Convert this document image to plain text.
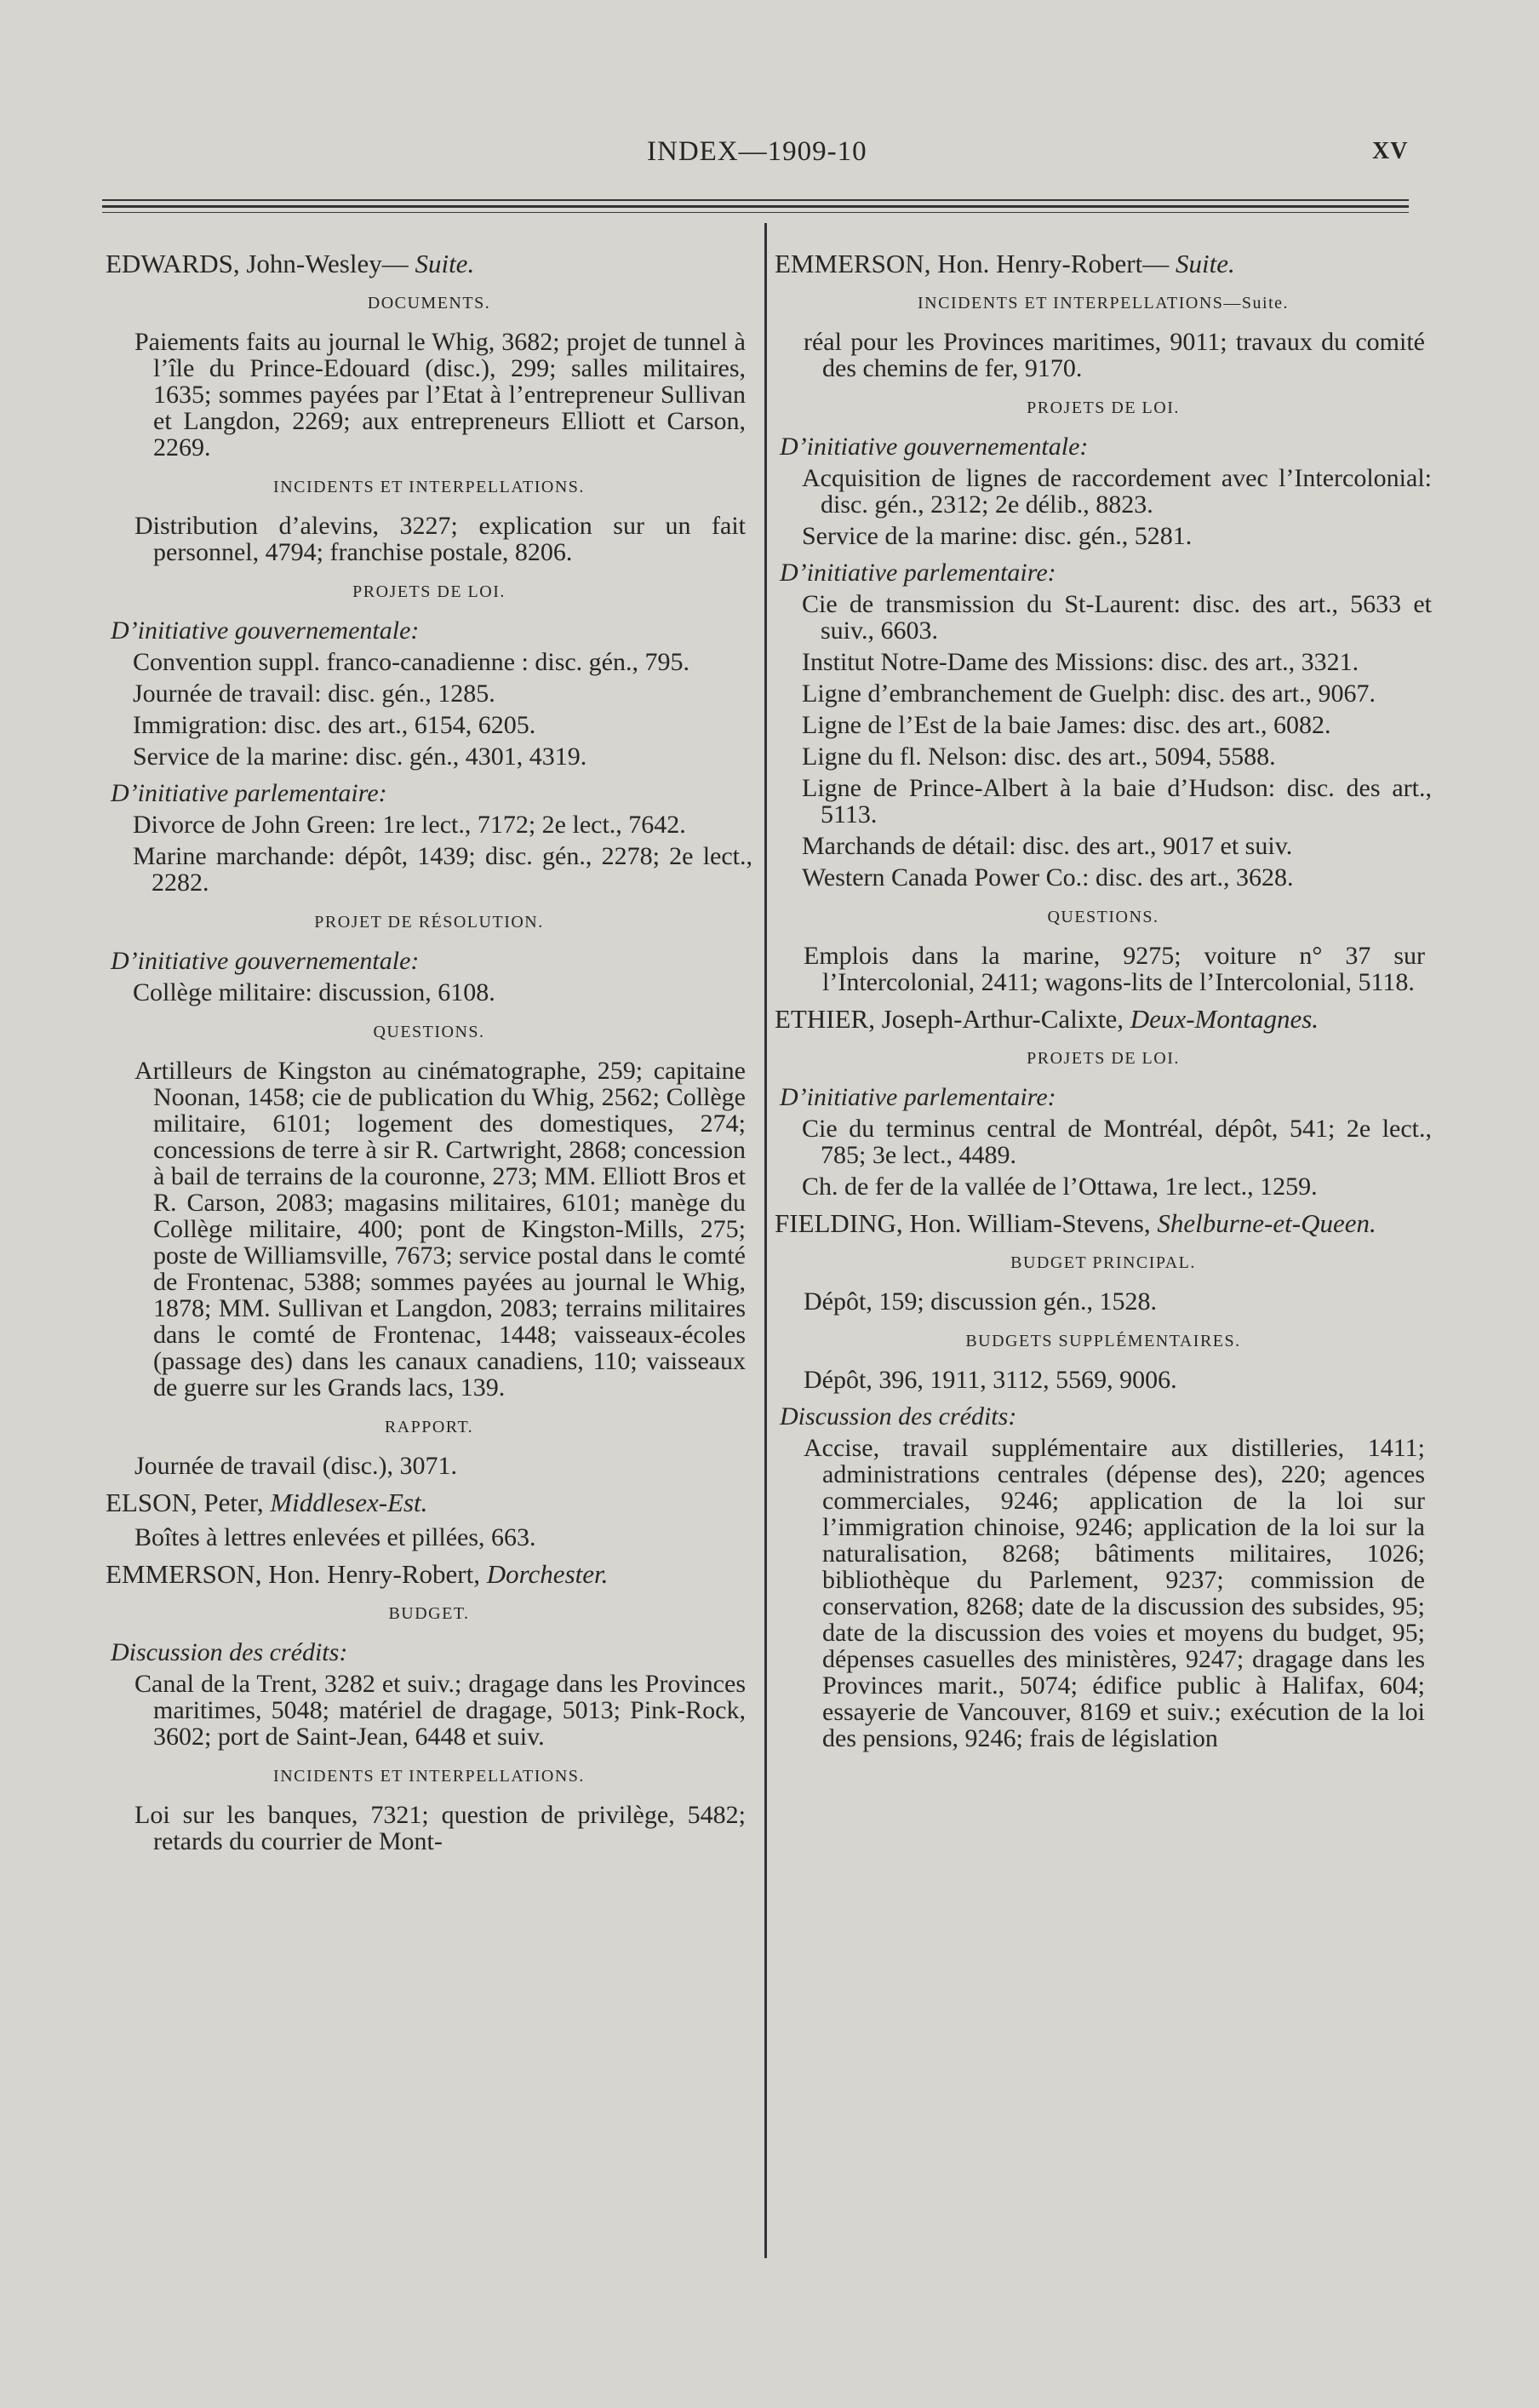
INDEX—1909-10	XV
EDWARDS, John-Wesley— Suite.
DOCUMENTS.
Paiements faits au journal le Whig, 3682; projet de tunnel à l’île du Prince-Edouard (disc.), 299; salles militaires, 1635; sommes payées par l’Etat à l’entrepreneur Sullivan et Langdon, 2269; aux entrepreneurs Elliott et Carson, 2269.
INCIDENTS ET INTERPELLATIONS.
Distribution d’alevins, 3227; explication sur un fait personnel, 4794; franchise postale, 8206.
PROJETS DE LOI.
D’initiative gouvernementale:
Convention suppl. franco-canadienne : disc. gén., 795.
Journée de travail: disc. gén., 1285.
Immigration: disc. des art., 6154, 6205.
Service de la marine: disc. gén., 4301, 4319.
D’initiative parlementaire:
Divorce de John Green: 1re lect., 7172; 2e lect., 7642.
Marine marchande: dépôt, 1439; disc. gén., 2278; 2e lect., 2282.
PROJET DE RÉSOLUTION.
D’initiative gouvernementale:
Collège militaire: discussion, 6108.
QUESTIONS.
Artilleurs de Kingston au cinématographe, 259; capitaine Noonan, 1458; cie de publication du Whig, 2562; Collège militaire, 6101; logement des domestiques, 274; concessions de terre à sir R. Cartwright, 2868; concession à bail de terrains de la couronne, 273; MM. Elliott Bros et R. Carson, 2083; magasins militaires, 6101; manège du Collège militaire, 400; pont de Kingston-Mills, 275; poste de Williamsville, 7673; service postal dans le comté de Frontenac, 5388; sommes payées au journal le Whig, 1878; MM. Sullivan et Langdon, 2083; terrains militaires dans le comté de Frontenac, 1448; vaisseaux-écoles (passage des) dans les canaux canadiens, 110; vaisseaux de guerre sur les Grands lacs, 139.
RAPPORT.
Journée de travail (disc.), 3071.
ELSON, Peter, Middlesex-Est.
Boîtes à lettres enlevées et pillées, 663.
EMMERSON, Hon. Henry-Robert, Dorchester.
BUDGET.
Discussion des crédits:
Canal de la Trent, 3282 et suiv.; dragage dans les Provinces maritimes, 5048; matériel de dragage, 5013; Pink-Rock, 3602; port de Saint-Jean, 6448 et suiv.
INCIDENTS ET INTERPELLATIONS.
Loi sur les banques, 7321; question de privilège, 5482; retards du courrier de Mont-
EMMERSON, Hon. Henry-Robert— Suite.
INCIDENTS ET INTERPELLATIONS—Suite.
réal pour les Provinces maritimes, 9011; travaux du comité des chemins de fer, 9170.
PROJETS DE LOI.
D’initiative gouvernementale:
Acquisition de lignes de raccordement avec l’Intercolonial: disc. gén., 2312; 2e délib., 8823.
Service de la marine: disc. gén., 5281.
D’initiative parlementaire:
Cie de transmission du St-Laurent: disc. des art., 5633 et suiv., 6603.
Institut Notre-Dame des Missions: disc. des art., 3321.
Ligne d’embranchement de Guelph: disc. des art., 9067.
Ligne de l’Est de la baie James: disc. des art., 6082.
Ligne du fl. Nelson: disc. des art., 5094, 5588.
Ligne de Prince-Albert à la baie d’Hudson: disc. des art., 5113.
Marchands de détail: disc. des art., 9017 et suiv.
Western Canada Power Co.: disc. des art., 3628.
QUESTIONS.
Emplois dans la marine, 9275; voiture n° 37 sur l’Intercolonial, 2411; wagons-lits de l’Intercolonial, 5118.
ETHIER, Joseph-Arthur-Calixte, Deux-Montagnes.
PROJETS DE LOI.
D’initiative parlementaire:
Cie du terminus central de Montréal, dépôt, 541; 2e lect., 785; 3e lect., 4489.
Ch. de fer de la vallée de l’Ottawa, 1re lect., 1259.
FIELDING, Hon. William-Stevens, Shelburne-et-Queen.
BUDGET PRINCIPAL.
Dépôt, 159; discussion gén., 1528.
BUDGETS SUPPLÉMENTAIRES.
Dépôt, 396, 1911, 3112, 5569, 9006.
Discussion des crédits:
Accise, travail supplémentaire aux distilleries, 1411; administrations centrales (dépense des), 220; agences commerciales, 9246; application de la loi sur l’immigration chinoise, 9246; application de la loi sur la naturalisation, 8268; bâtiments militaires, 1026; bibliothèque du Parlement, 9237; commission de conservation, 8268; date de la discussion des subsides, 95; date de la discussion des voies et moyens du budget, 95; dépenses casuelles des ministères, 9247; dragage dans les Provinces marit., 5074; édifice public à Halifax, 604; essayerie de Vancouver, 8169 et suiv.; exécution de la loi des pensions, 9246; frais de législation
